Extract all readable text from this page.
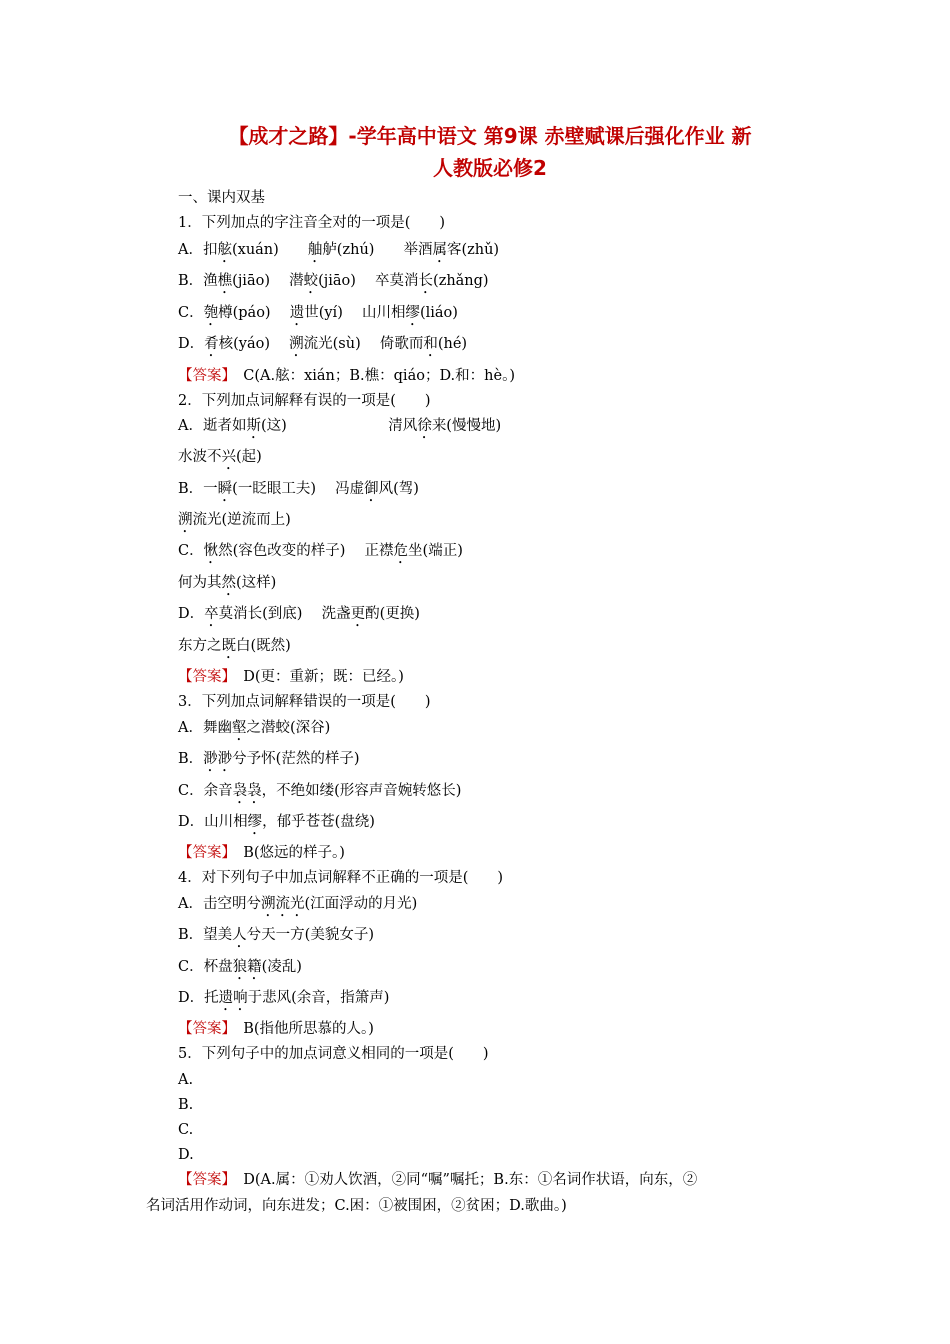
【成才之路】-学年高中语文 第9课 赤壁赋课后强化作业 新
人教版必修2
一、课内双基
1．下列加点的字注音全对的一项是(　　)
A．扣舷(xuán)　　舳舻(zhú)　　举酒属客(zhǔ)
B．渔樵(jiāo)　 潜蛟(jiāo)　 卒莫消长(zhǎng)
C．匏樽(páo)　 遗世(yí)　 山川相缪(liáo)
D．肴核(yáo)　 溯流光(sù)　 倚歌而和(hé)
【答案】　C(A.舷：xián；B.樵：qiáo；D.和：hè。)
2．下列加点词解释有误的一项是(　　)
A．逝者如斯(这)　　　　　　　清风徐来(慢慢地)
水波不兴(起)
B．一瞬(一眨眼工夫)　 冯虚御风(驾)
溯流光(逆流而上)
C．愀然(容色改变的样子)　 正襟危坐(端正)
何为其然(这样)
D．卒莫消长(到底)　 洗盏更酌(更换)
东方之既白(既然)
【答案】　D(更：重新；既：已经。)
3．下列加点词解释错误的一项是(　　)
A．舞幽壑之潜蛟(深谷)
B．渺渺兮予怀(茫然的样子)
C．余音袅袅，不绝如缕(形容声音婉转悠长)
D．山川相缪，郁乎苍苍(盘绕)
【答案】　B(悠远的样子。)
4．对下列句子中加点词解释不正确的一项是(　　)
A．击空明兮溯流光(江面浮动的月光)
B．望美人兮天一方(美貌女子)
C．杯盘狼籍(凌乱)
D．托遗响于悲风(余音，指箫声)
【答案】　B(指他所思慕的人。)
5．下列句子中的加点词意义相同的一项是(　　)
A.
B.
C.
D.
【答案】　D(A.属：①劝人饮酒，②同“嘱”嘱托；B.东：①名词作状语，向东，②
名词活用作动词，向东进发；C.困：①被围困，②贫困；D.歌曲。)
